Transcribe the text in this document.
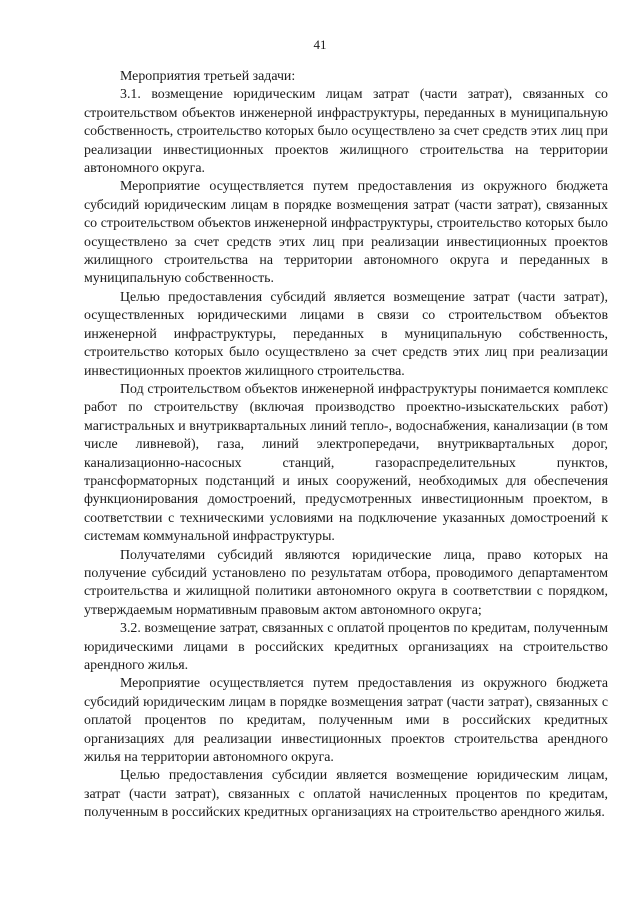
41

Мероприятия третьей задачи:

3.1. возмещение юридическим лицам затрат (части затрат), связанных со строительством объектов инженерной инфраструктуры, переданных в муниципальную собственность, строительство которых было осуществлено за счет средств этих лиц при реализации инвестиционных проектов жилищного строительства на территории автономного округа.

Мероприятие осуществляется путем предоставления из окружного бюджета субсидий юридическим лицам в порядке возмещения затрат (части затрат), связанных со строительством объектов инженерной инфраструктуры, строительство которых было осуществлено за счет средств этих лиц при реализации инвестиционных проектов жилищного строительства на территории автономного округа и переданных в муниципальную собственность.

Целью предоставления субсидий является возмещение затрат (части затрат), осуществленных юридическими лицами в связи со строительством объектов инженерной инфраструктуры, переданных в муниципальную собственность, строительство которых было осуществлено за счет средств этих лиц при реализации инвестиционных проектов жилищного строительства.

Под строительством объектов инженерной инфраструктуры понимается комплекс работ по строительству (включая производство проектно-изыскательских работ) магистральных и внутриквартальных линий тепло-, водоснабжения, канализации (в том числе ливневой), газа, линий электропередачи, внутриквартальных дорог, канализационно-насосных станций, газораспределительных пунктов, трансформаторных подстанций и иных сооружений, необходимых для обеспечения функционирования домостроений, предусмотренных инвестиционным проектом, в соответствии с техническими условиями на подключение указанных домостроений к системам коммунальной инфраструктуры.

Получателями субсидий являются юридические лица, право которых на получение субсидий установлено по результатам отбора, проводимого департаментом строительства и жилищной политики автономного округа в соответствии с порядком, утверждаемым нормативным правовым актом автономного округа;

3.2. возмещение затрат, связанных с оплатой процентов по кредитам, полученным юридическими лицами в российских кредитных организациях на строительство арендного жилья.

Мероприятие осуществляется путем предоставления из окружного бюджета субсидий юридическим лицам в порядке возмещения затрат (части затрат), связанных с оплатой процентов по кредитам, полученным ими в российских кредитных организациях для реализации инвестиционных проектов строительства арендного жилья на территории автономного округа.

Целью предоставления субсидии является возмещение юридическим лицам, затрат (части затрат), связанных с оплатой начисленных процентов по кредитам, полученным в российских кредитных организациях на строительство арендного жилья.
